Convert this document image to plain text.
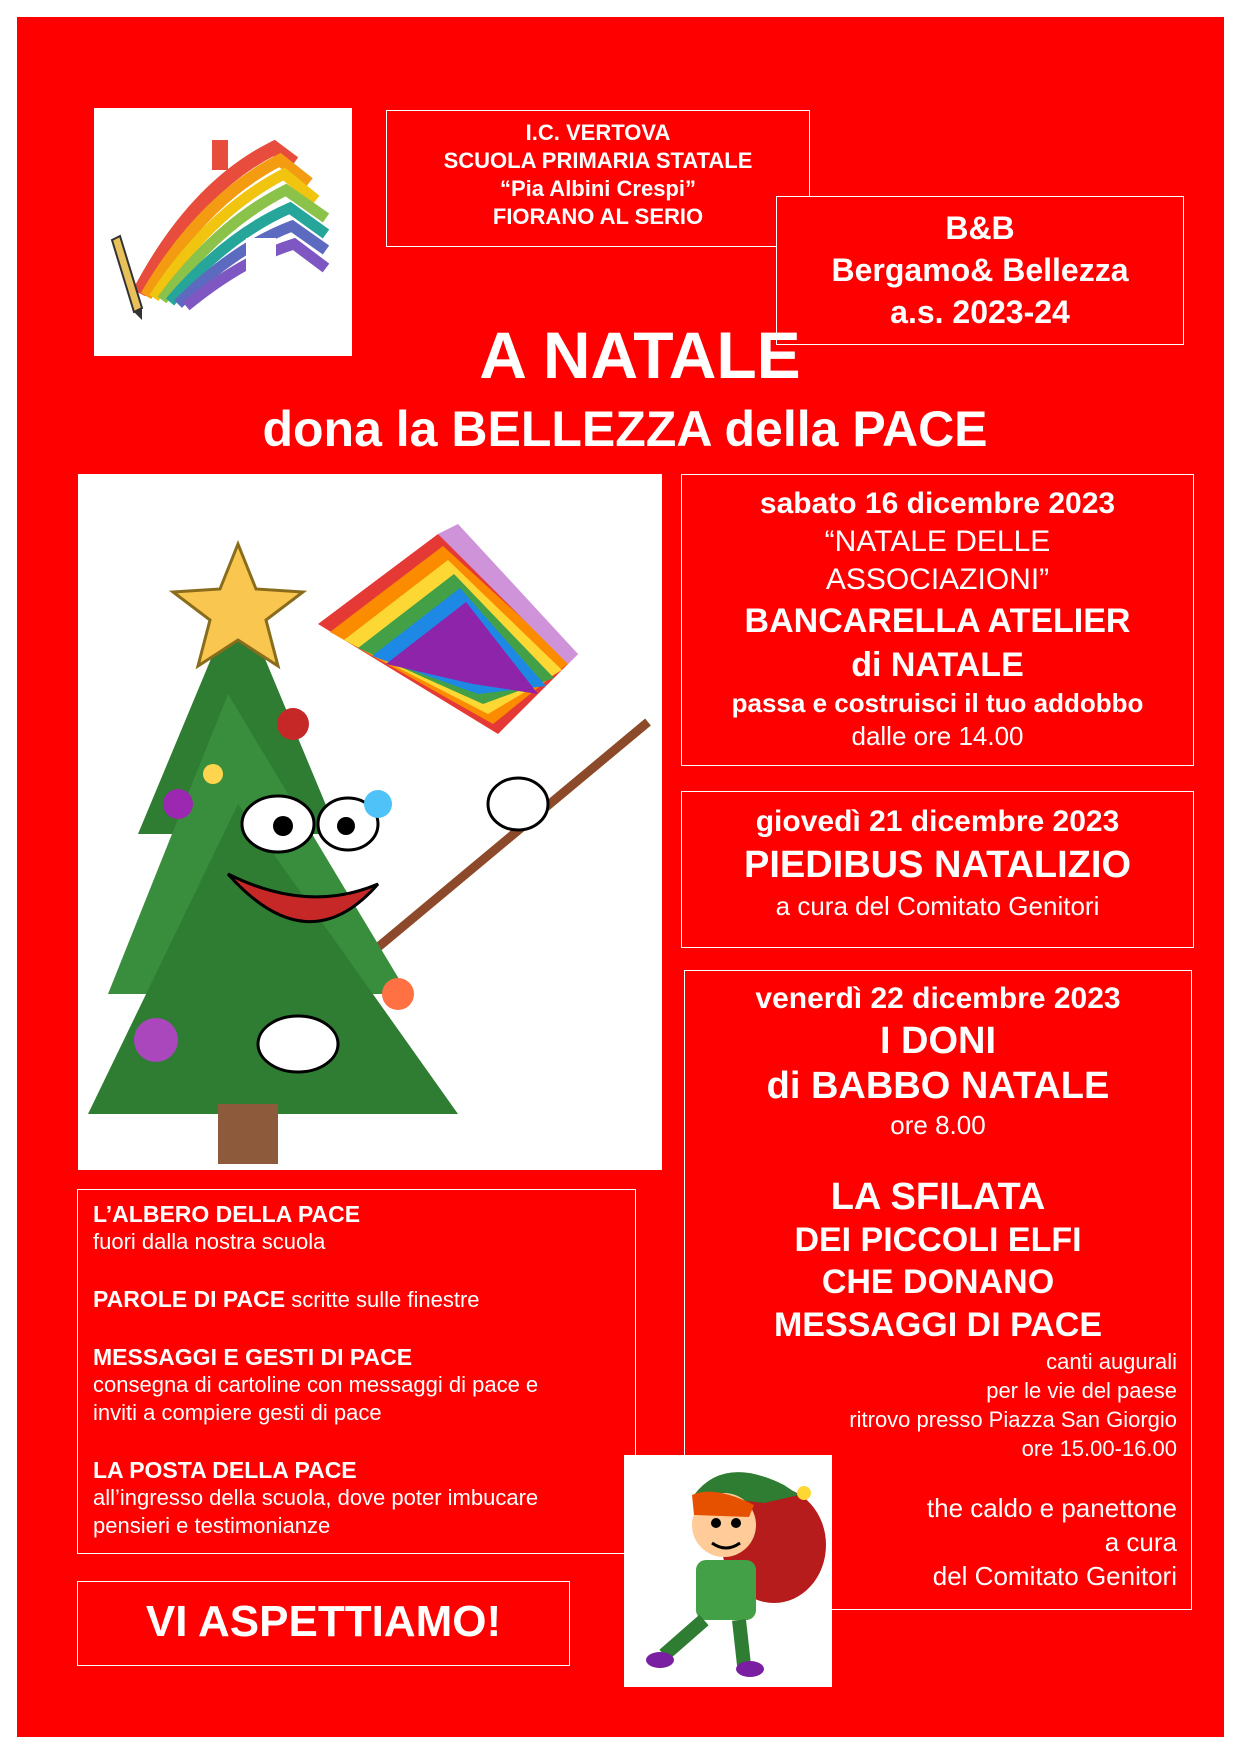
I.C. VERTOVA
SCUOLA PRIMARIA STATALE
“Pia Albini Crespi”
FIORANO AL SERIO	B&B
Bergamo& Bellezza
a.s. 2023-24
A NATALE
dona la BELLEZZA della PACE
sabato 16 dicembre 2023
“NATALE DELLE
ASSOCIAZIONI”
BANCARELLA ATELIER
di NATALE
passa e costruisci il tuo addobbo
dalle ore 14.00
giovedì 21 dicembre 2023
PIEDIBUS NATALIZIO
a cura del Comitato Genitori
venerdì 22 dicembre 2023
I DONI
di BABBO NATALE
ore 8.00
LA SFILATA
DEI PICCOLI ELFI
CHE DONANO
MESSAGGI DI PACE
canti augurali
per le vie del paese
ritrovo presso Piazza San Giorgio
ore 15.00-16.00
the caldo e panettone
a cura
del Comitato Genitori
L’ALBERO DELLA PACE
fuori dalla nostra scuola
PAROLE DI PACE scritte sulle finestre
MESSAGGI E GESTI DI PACE
consegna di cartoline con messaggi di pace e
inviti a compiere gesti di pace
LA POSTA DELLA PACE
all’ingresso della scuola, dove poter imbucare
pensieri e testimonianze
VI ASPETTIAMO!
